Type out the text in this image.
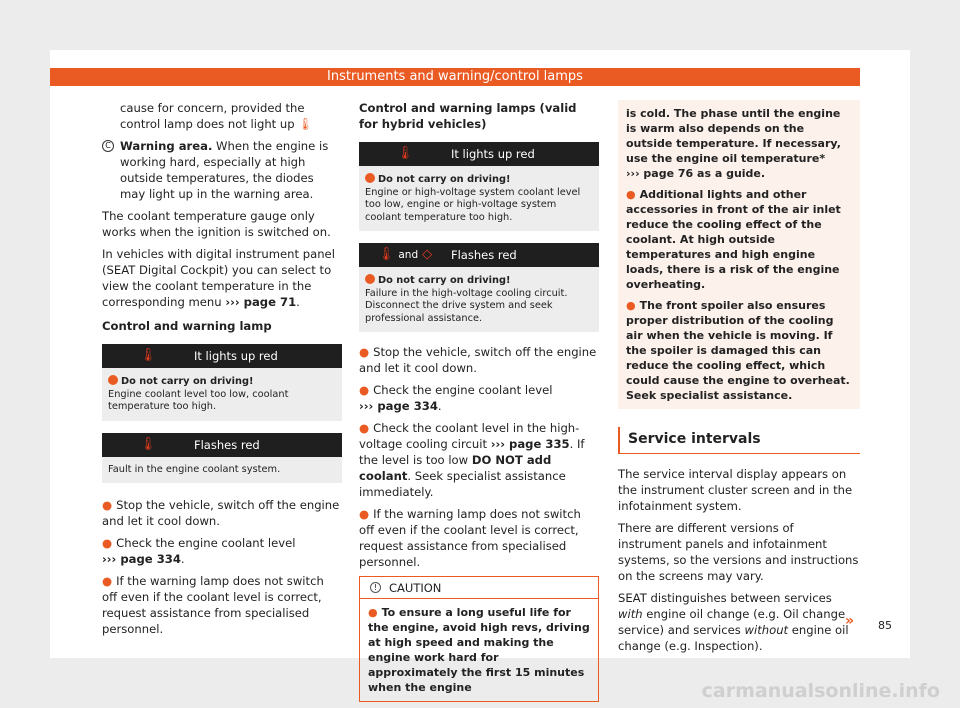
Instruments and warning/control lamps

cause for concern, provided the control lamp does not light up 🌡

C Warning area. When the engine is working hard, especially at high outside temperatures, the diodes may light up in the warning area.

The coolant temperature gauge only works when the ignition is switched on.

In vehicles with digital instrument panel (SEAT Digital Cockpit) you can select to view the coolant temperature in the corresponding menu ››› page 71.

Control and warning lamp

🌡	It lights up red
Do not carry on driving!
Engine coolant level too low, coolant temperature too high.
🌡	Flashes red
Fault in the engine coolant system.

● Stop the vehicle, switch off the engine and let it cool down.

● Check the engine coolant level
››› page 334.

● If the warning lamp does not switch off even if the coolant level is correct, request assistance from specialised personnel.

Control and warning lamps (valid for hybrid vehicles)

🌡	It lights up red
Do not carry on driving!
Engine or high-voltage system coolant level too low, engine or high-voltage system coolant temperature too high.
🌡 and ◇ Flashes red
Do not carry on driving!
Failure in the high-voltage cooling circuit. Disconnect the drive system and seek professional assistance.

● Stop the vehicle, switch off the engine and let it cool down.

● Check the engine coolant level
››› page 334.

● Check the coolant level in the high-voltage cooling circuit ››› page 335. If the level is too low DO NOT add coolant. Seek specialist assistance immediately.

● If the warning lamp does not switch off even if the coolant level is correct, request assistance from specialised personnel.

!	CAUTION
● To ensure a long useful life for the engine, avoid high revs, driving at high speed and making the engine work hard for approximately the first 15 minutes when the engine

is cold. The phase until the engine is warm also depends on the outside temperature. If necessary, use the engine oil temperature*
››› page 76 as a guide.

● Additional lights and other accessories in front of the air inlet reduce the cooling effect of the coolant. At high outside temperatures and high engine loads, there is a risk of the engine overheating.

● The front spoiler also ensures proper distribution of the cooling air when the vehicle is moving. If the spoiler is damaged this can reduce the cooling effect, which could cause the engine to overheat. Seek specialist assistance.

Service intervals

The service interval display appears on the instrument cluster screen and in the infotainment system.

There are different versions of instrument panels and infotainment systems, so the versions and instructions on the screens may vary.

SEAT distinguishes between services with engine oil change (e.g. Oil change service) and services without engine oil change (e.g. Inspection).

» 85
carmanualsonline.info
